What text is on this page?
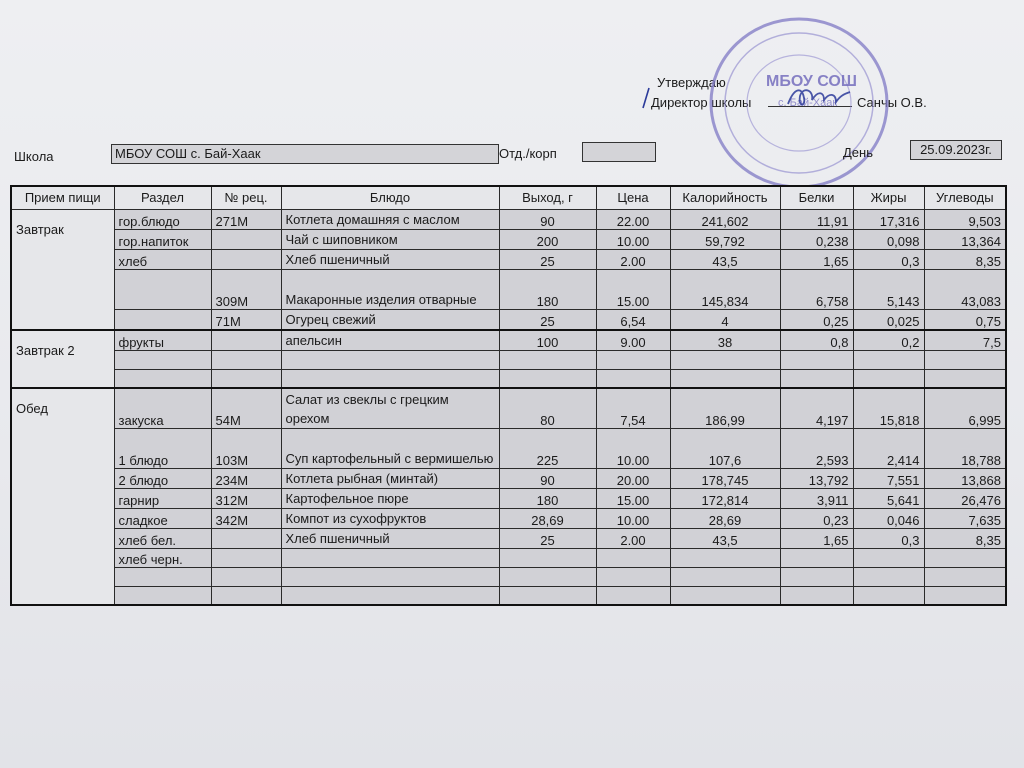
Утверждаю
Директор школы	Санчы О.В.
МБОУ СОШ
с. Бай-Хаак
Школа	МБОУ СОШ с. Бай-Хаак	Отд./корп	День	25.09.2023г.
Прием пищи	Раздел	№ рец.	Блюдо	Выход, г	Цена	Калорийность	Белки	Жиры	Углеводы
Завтрак	гор.блюдо	271М	Котлета домашняя с маслом	90	22.00	241,602	11,91	17,316	9,503
	гор.напиток		Чай с шиповником	200	10.00	59,792	0,238	0,098	13,364
	хлеб		Хлеб пшеничный	25	2.00	43,5	1,65	0,3	8,35
		309М	Макаронные изделия отварные	180	15.00	145,834	6,758	5,143	43,083
		71М	Огурец свежий	25	6,54	4	0,25	0,025	0,75
Завтрак 2	фрукты		апельсин	100	9.00	38	0,8	0,2	7,5

Обед	закуска	54М	Салат из свеклы с грецким орехом	80	7,54	186,99	4,197	15,818	6,995
	1 блюдо	103М	Суп картофельный с вермишелью	225	10.00	107,6	2,593	2,414	18,788
	2 блюдо	234М	Котлета рыбная (минтай)	90	20.00	178,745	13,792	7,551	13,868
	гарнир	312М	Картофельное пюре	180	15.00	172,814	3,911	5,641	26,476
	сладкое	342М	Компот из сухофруктов	28,69	10.00	28,69	0,23	0,046	7,635
	хлеб бел.		Хлеб пшеничный	25	2.00	43,5	1,65	0,3	8,35
	хлеб черн.								
